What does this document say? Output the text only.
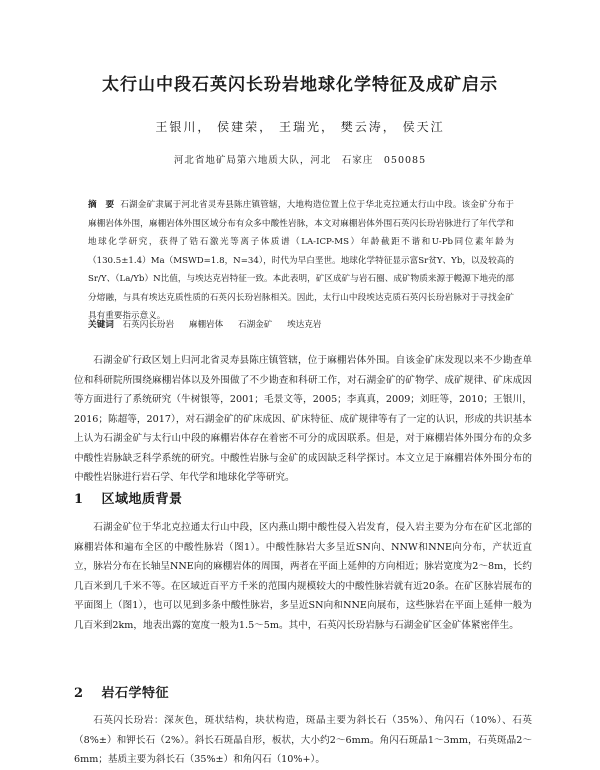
太行山中段石英闪长玢岩地球化学特征及成矿启示
王银川， 侯建荣， 王瑞光， 樊云涛， 侯天江
河北省地矿局第六地质大队，河北　石家庄　050085
摘　要 石湖金矿隶属于河北省灵寿县陈庄镇管辖，大地构造位置上位于华北克拉通太行山中段。该金矿分布于麻棚岩体外围，麻棚岩体外围区域分布有众多中酸性岩脉，本文对麻棚岩体外围石英闪长玢岩脉进行了年代学和地球化学研究，获得了锆石激光等离子体质谱（LA-ICP-MS）年龄截距不谐和U-Pb同位素年龄为（130.5±1.4）Ma（MSWD=1.8，N=34），时代为早白垩世。地球化学特征显示富Sr贫Y、Yb，以及较高的Sr/Y、（La/Yb）N比值，与埃达克岩特征一致。本此表明，矿区成矿与岩石圈、成矿物质来源于幔源下地壳的部分熔融，与具有埃达克质性质的石英闪长玢岩脉相关。因此，太行山中段埃达克质石英闪长玢岩脉对于寻找金矿具有重要指示意义。
关键词 石英闪长玢岩 麻棚岩体 石湖金矿 埃达克岩
石湖金矿行政区划上归河北省灵寿县陈庄镇管辖，位于麻棚岩体外围。自该金矿床发现以来不少勘查单位和科研院所围绕麻棚岩体以及外围做了不少勘查和科研工作，对石湖金矿的矿物学、成矿规律、矿床成因等方面进行了系统研究（牛树银等，2001；毛景文等，2005；李真真，2009；刘旺等，2010；王银川，2016；陈超等，2017），对石湖金矿的矿床成因、矿床特征、成矿规律等有了一定的认识，形成的共识基本上认为石湖金矿与太行山中段的麻棚岩体存在着密不可分的成因联系。但是，对于麻棚岩体外围分布的众多中酸性岩脉缺乏科学系统的研究。中酸性岩脉与金矿的成因缺乏科学探讨。本文立足于麻棚岩体外围分布的中酸性岩脉进行岩石学、年代学和地球化学等研究。
1 区域地质背景
石湖金矿位于华北克拉通太行山中段，区内燕山期中酸性侵入岩发育，侵入岩主要为分布在矿区北部的麻棚岩体和遍布全区的中酸性脉岩（图1）。中酸性脉岩大多呈近SN向、NNW和NNE向分布，产状近直立，脉岩分布在长轴呈NNE向的麻棚岩体的周围，两者在平面上延伸的方向相近；脉岩宽度为2～8m，长约几百米到几千米不等。在区域近百平方千米的范围内规模较大的中酸性脉岩就有近20条。在矿区脉岩展布的平面图上（图1），也可以见到多条中酸性脉岩，多呈近SN向和NNE向展布，这些脉岩在平面上延伸一般为几百米到2km，地表出露的宽度一般为1.5～5m。其中，石英闪长玢岩脉与石湖金矿区金矿体紧密伴生。
2 岩石学特征
石英闪长玢岩：深灰色，斑状结构，块状构造，斑晶主要为斜长石（35%）、角闪石（10%）、石英（8%±）和钾长石（2%）。斜长石斑晶自形，板状，大小约2～6mm。角闪石斑晶1～3mm，石英斑晶2～6mm；基质主要为斜长石（35%±）和角闪石（10%+）。
